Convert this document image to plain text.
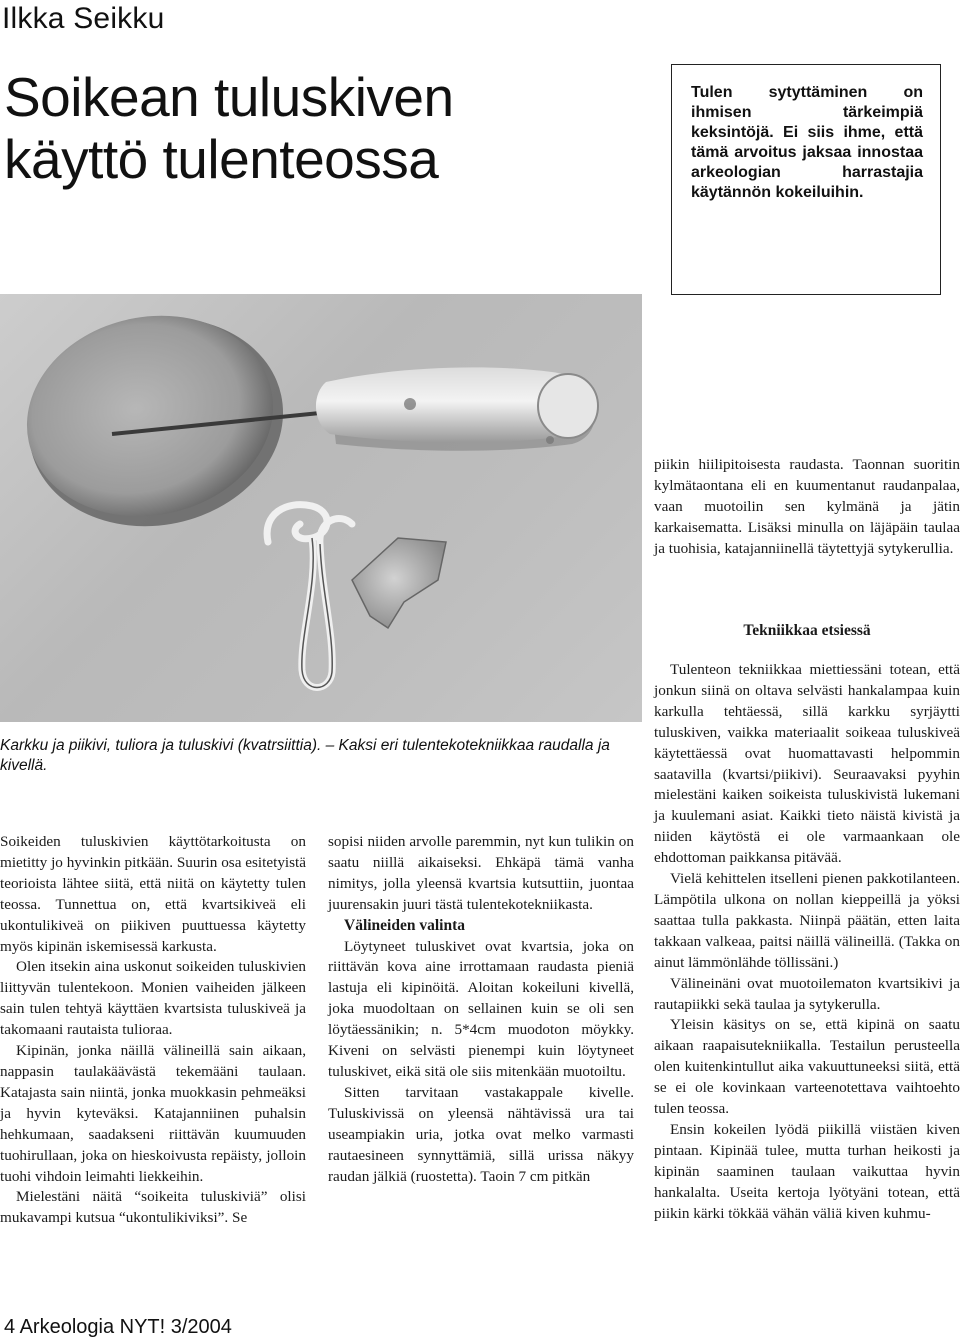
Ilkka Seikku
Soikean tuluskiven
käyttö tulenteossa
Tulen sytyttäminen on ihmisen tärkeimpiä keksintöjä. Ei siis ihme, että tämä arvoitus jaksaa innostaa arkeologian harrastajia käytännön kokeiluihin.
Karkku ja piikivi, tuliora ja tuluskivi (kvatrsiittia). – Kaksi eri tulentekotekniikkaa raudalla ja kivellä.

Soikeiden tuluskivien käyttötarkoitusta on mietitty jo hyvinkin pitkään. Suurin osa esitetyistä teorioista lähtee siitä, että niitä on käytetty tulen teossa. Tunnettua on, että kvartsikiveä eli ukontulikiveä on piikiven puuttuessa käytetty myös kipinän iskemisessä karkusta.

Olen itsekin aina uskonut soikeiden tuluskivien liittyvän tulentekoon. Monien vaiheiden jälkeen sain tulen tehtyä käyttäen kvartsista tuluskiveä ja takomaani rautaista tulioraa.

Kipinän, jonka näillä välineillä sain aikaan, nappasin taulakäävästä tekemääni taulaan. Katajasta sain niintä, jonka muokkasin pehmeäksi ja hyvin kyteväksi. Katajanniinen puhalsin hehkumaan, saadakseni riittävän kuumuuden tuohirullaan, joka on hieskoivusta repäisty, jolloin tuohi vihdoin leimahti liekkeihin.

Mielestäni näitä “soikeita tuluskiviä” olisi mukavampi kutsua “ukontulikiviksi”. Se

sopisi niiden arvolle paremmin, nyt kun tulikin on saatu niillä aikaiseksi. Ehkäpä tämä vanha nimitys, jolla yleensä kvartsia kutsuttiin, juontaa juurensakin juuri tästä tulentekotekniikasta.

Välineiden valinta

Löytyneet tuluskivet ovat kvartsia, joka on riittävän kova aine irrottamaan raudasta pieniä lastuja eli kipinöitä. Aloitan kokeiluni kivellä, joka muodoltaan on sellainen kuin se oli sen löytäessänikin; n. 5*4cm muodoton möykky. Kiveni on selvästi pienempi kuin löytyneet tuluskivet, eikä sitä ole siis mitenkään muotoiltu.

Sitten tarvitaan vastakappale kivelle. Tuluskivissä on yleensä nähtävissä ura tai useampiakin uria, jotka ovat melko varmasti rautaesineen synnyttämiä, sillä urissa näkyy raudan jälkiä (ruostetta). Taoin 7 cm pitkän

piikin hiilipitoisesta raudasta. Taonnan suoritin kylmätaontana eli en kuumentanut raudanpalaa, vaan muotoilin sen kylmänä ja jätin karkaisematta. Lisäksi minulla on läjäpäin taulaa ja tuohisia, katajanniinellä täytettyjä sytykerullia.

Tekniikkaa etsiessä

Tulenteon tekniikkaa miettiessäni totean, että jonkun siinä on oltava selvästi hankalampaa kuin karkulla tehtäessä, sillä karkku syrjäytti tuluskiven, vaikka materiaalit soikeaa tuluskiveä käytettäessä ovat huomattavasti helpommin saatavilla (kvartsi/piikivi). Seuraavaksi pyyhin mielestäni kaiken soikeista tuluskivistä lukemani ja kuulemani asiat. Kaikki tieto näistä kivistä ja niiden käytöstä ei ole varmaankaan ole ehdottoman paikkansa pitävää.

Vielä kehittelen itselleni pienen pakkotilanteen. Lämpötila ulkona on nollan kieppeillä ja yöksi saattaa tulla pakkasta. Niinpä päätän, etten laita takkaan valkeaa, paitsi näillä välineillä. (Takka on ainut lämmönlähde töllissäni.)

Välineinäni ovat muotoilematon kvartsikivi ja rautapiikki sekä taulaa ja sytykerulla.

Yleisin käsitys on se, että kipinä on saatu aikaan raapaisutekniikalla. Testailun perusteella olen kuitenkintullut aika vakuuttuneeksi siitä, että se ei ole kovinkaan varteenotettava vaihtoehto tulen teossa.

Ensin kokeilen lyödä piikillä viistäen kiven pintaan. Kipinää tulee, mutta turhan heikosti ja kipinän saaminen taulaan vaikuttaa hyvin hankalalta. Useita kertoja lyötyäni totean, että piikin kärki tökkää vähän väliä kiven kuhmu-

4 Arkeologia NYT! 3/2004
